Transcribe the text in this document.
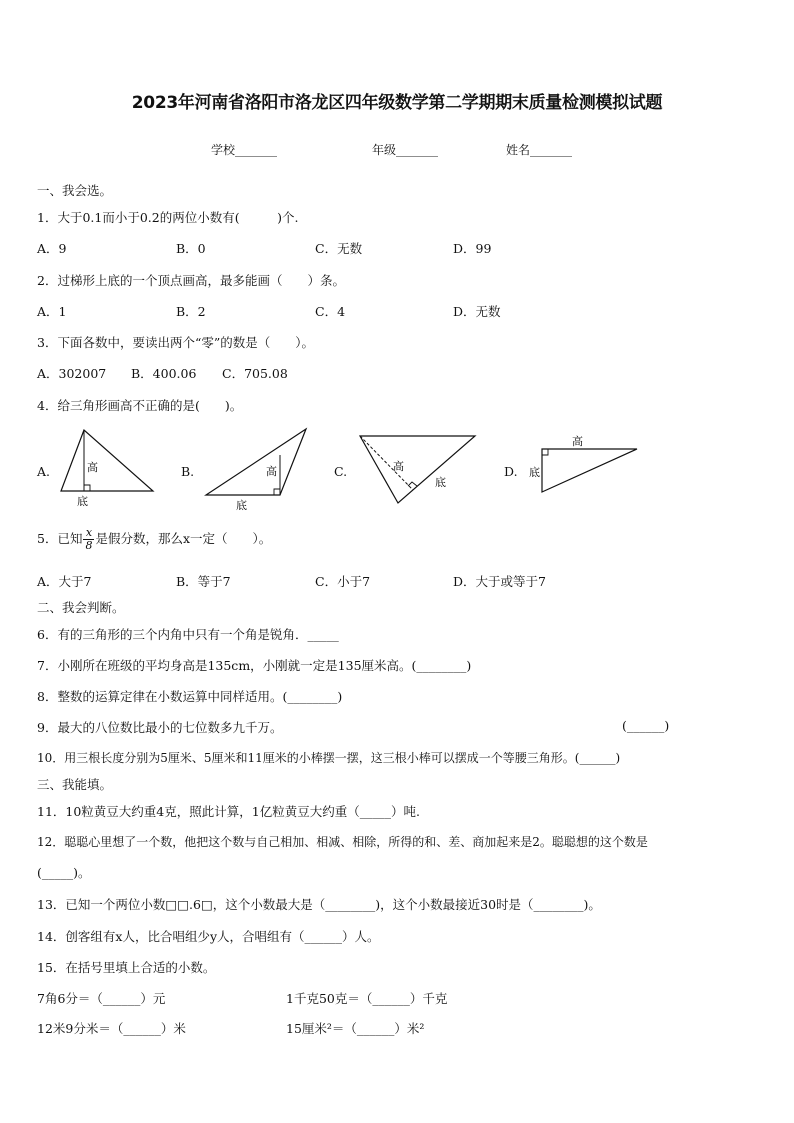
2023年河南省洛阳市洛龙区四年级数学第二学期期末质量检测模拟试题
学校_______	年级_______	姓名_______
一、我会选。
1．大于0.1而小于0.2的两位小数有(　　　)个.
A．9	B．0	C．无数	D．99
2．过梯形上底的一个顶点画高，最多能画（　　）条。
A．1	B．2	C．4	D．无数
3．下面各数中，要读出两个“零”的数是（　　）。
A．302007 B．400.06 C．705.08
4．给三角形画高不正确的是(　　)。
A.	高
底
B.	高
底
C.	高
底
D.
高
底
5．已知 $\frac{x}{8}$ 是假分数，那么x一定（　　）。
A．大于7	B．等于7	C．小于7	D．大于或等于7
二、我会判断。
6．有的三角形的三个内角中只有一个角是锐角．_____
7．小刚所在班级的平均身高是135cm，小刚就一定是135厘米高。(________)
8．整数的运算定律在小数运算中同样适用。(________)
9．最大的八位数比最小的七位数多九千万。	(______)
10．用三根长度分别为5厘米、5厘米和11厘米的小棒摆一摆，这三根小棒可以摆成一个等腰三角形。(______)
三、我能填。
11．10粒黄豆大约重4克，照此计算，1亿粒黄豆大约重（_____）吨.
12．聪聪心里想了一个数，他把这个数与自己相加、相减、相除，所得的和、差、商加起来是2。聪聪想的这个数是
(_____)。
13．已知一个两位小数□□.6□，这个小数最大是（________)，这个小数最接近30时是（________)。
14．创客组有x人，比合唱组少y人，合唱组有（______）人。
15．在括号里填上合适的小数。
7角6分＝（______）元	1千克50克＝（______）千克
12米9分米＝（______）米	15厘米²＝（______）米²
